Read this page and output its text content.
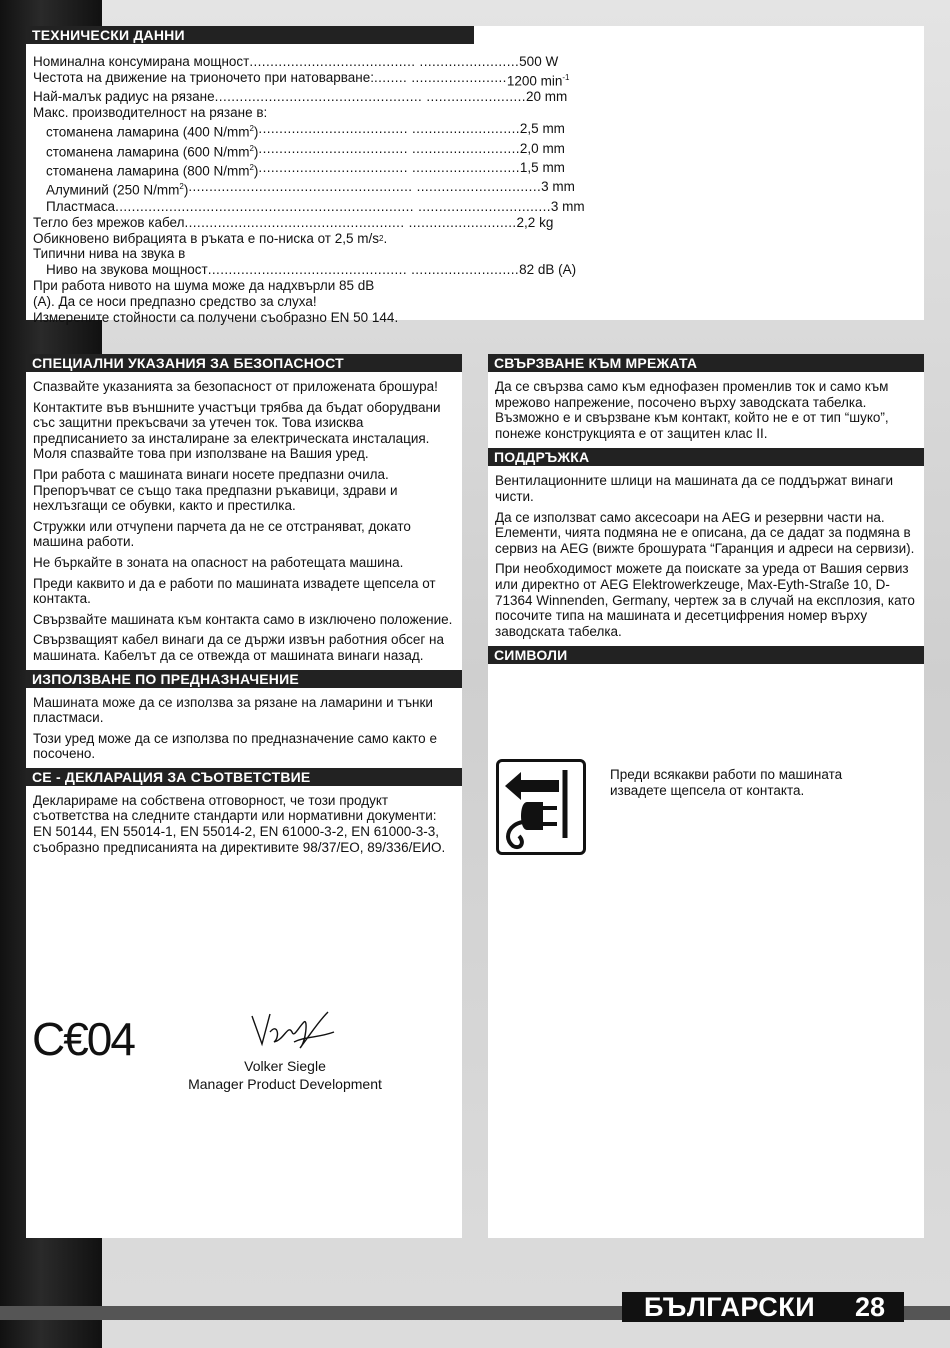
ТЕХНИЧЕСКИ ДАННИ
Номинална консумирана мощност ........................................ ........................ 500 W
Честота на движение на трионочето при натоварване: ........ ....................... 1200 $\min^{-1}$
Най-малък радиус на рязане .................................................. ........................ 20 mm
Макс. производителност на рязане в:
стоманена ламарина (400 $N/mm^2$) .................................... .......................... 2,5 mm
стоманена ламарина (600 $N/mm^2$) .................................... .......................... 2,0 mm
стоманена ламарина (800 $N/mm^2$) .................................... .......................... 1,5 mm
Алуминий (250 $N/mm^2$) ...................................................... .............................. 3 mm
Пластмаса ........................................................................ ................................ 3 mm
Тегло без мрежов кабел ..................................................... .......................... 2,2 kg
Обикновено вибрацията в ръката е по-ниска от 2,5 m/s 2 .
Типични нива на звука в
Ниво на звукова мощност ................................................ .......................... 82 dB (A)
При работа нивото на шума може да надхвърли 85 dB
(A). Да се носи предпазно средство за слуха!
Измерените стойности са получени съобразно EN 50 144.
СПЕЦИАЛНИ УКАЗАНИЯ ЗА БЕЗОПАСНОСТ

Спазвайте указанията за безопасност от приложената брошура!

Контактите във външните участъци трябва да бъдат оборудвани със защитни прекъсвачи за утечен ток. Това изисква предписанието за инсталиране за електрическата инсталация. Моля спазвайте това при използване на Вашия уред.

При работа с машината винаги носете предпазни очила. Препоръчват се също така предпазни ръкавици, здрави и нехлъзгащи се обувки, както и престилка.

Стружки или отчупени парчета да не се отстраняват, докато машина работи.

Не бъркайте в зоната на опасност на работещата машина.

Преди каквито и да е работи по машината извадете щепсела от контакта.

Свързвайте машината към контакта само в изключено положение.

Свързващият кабел винаги да се държи извън работния обсег на машината. Кабелът да се отвежда от машината винаги назад.

ИЗПОЛЗВАНЕ ПО ПРЕДНАЗНАЧЕНИЕ

Машината може да се използва за рязане на ламарини и тънки пластмаси.

Този уред може да се използва по предназначение само както е посочено.

CE - ДЕКЛАРАЦИЯ ЗА СЪОТВЕТСТВИЕ

Декларираме на собствена отговорност, че този продукт съответства на следните стандарти или нормативни документи: EN 50144, EN 55014-1, EN 55014-2, EN 61000-3-2, EN 61000-3-3, съобразно предписанията на директивите 98/37/ЕО, 89/336/ЕИО.

C€04
Volker Siegle
Manager Product Development
СВЪРЗВАНЕ КЪМ МРЕЖАТА

Да се свързва само към еднофазен променлив ток и само към мрежово напрежение, посочено върху заводската табелка. Възможно е и свързване към контакт, който не е от тип “шуко”, понеже конструкцията е от защитен клас II.

ПОДДРЪЖКА

Вентилационните шлици на машината да се поддържат винаги чисти.

Да се използват само аксесоари на AEG и резервни части на. Елементи, чията подмяна не е описана, да се дадат за подмяна в сервиз на AEG (вижте брошурата “Гаранция и адреси на сервизи).

При необходимост можете да поискате за уреда от Вашия сервиз или директно от AEG Elektrowerkzeuge, Max-Eyth-Straße 10, D-71364 Winnenden, Germany, чертеж за в случай на експлозия, като посочите типа на машината и десетцифрения номер върху заводската табелка.

СИМВОЛИ
Преди всякакви работи по машината извадете щепсела от контакта.
БЪЛГАРСКИ 28
